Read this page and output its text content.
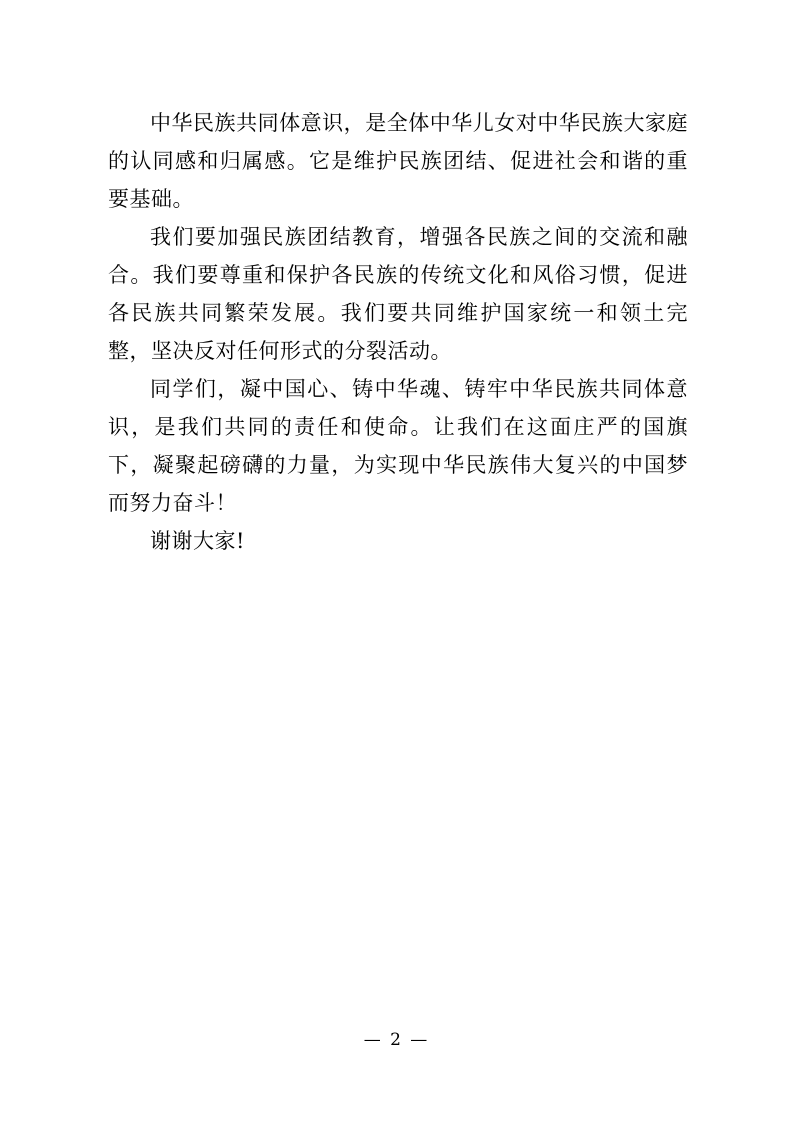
中华民族共同体意识，是全体中华儿女对中华民族大家庭的认同感和归属感。它是维护民族团结、促进社会和谐的重要基础。

我们要加强民族团结教育，增强各民族之间的交流和融合。我们要尊重和保护各民族的传统文化和风俗习惯，促进各民族共同繁荣发展。我们要共同维护国家统一和领土完整，坚决反对任何形式的分裂活动。

同学们，凝中国心、铸中华魂、铸牢中华民族共同体意识，是我们共同的责任和使命。让我们在这面庄严的国旗下，凝聚起磅礴的力量，为实现中华民族伟大复兴的中国梦而努力奋斗！

谢谢大家!

— 2 —
